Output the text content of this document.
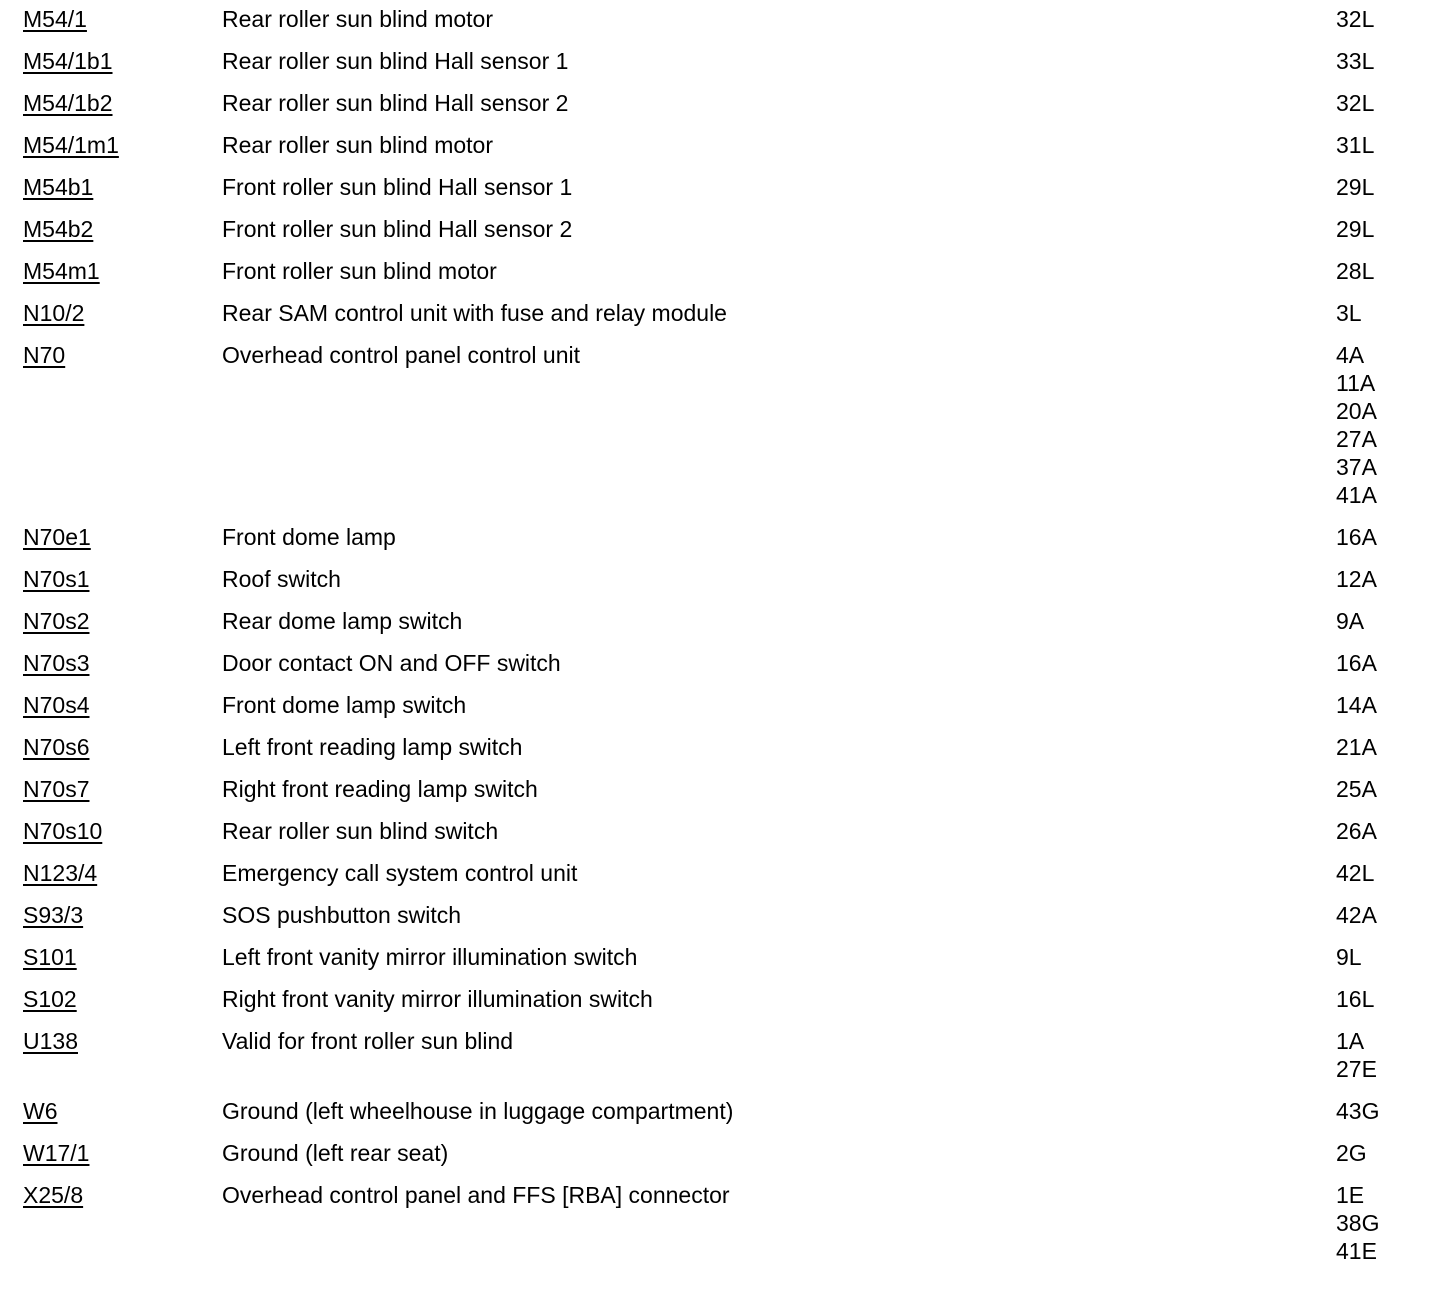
M54/1	Rear roller sun blind motor	32L
M54/1b1	Rear roller sun blind Hall sensor 1	33L
M54/1b2	Rear roller sun blind Hall sensor 2	32L
M54/1m1	Rear roller sun blind motor	31L
M54b1	Front roller sun blind Hall sensor 1	29L
M54b2	Front roller sun blind Hall sensor 2	29L
M54m1	Front roller sun blind motor	28L
N10/2	Rear SAM control unit with fuse and relay module	3L
N70	Overhead control panel control unit	4A
11A
20A
27A
37A
41A
N70e1	Front dome lamp	16A
N70s1	Roof switch	12A
N70s2	Rear dome lamp switch	9A
N70s3	Door contact ON and OFF switch	16A
N70s4	Front dome lamp switch	14A
N70s6	Left front reading lamp switch	21A
N70s7	Right front reading lamp switch	25A
N70s10	Rear roller sun blind switch	26A
N123/4	Emergency call system control unit	42L
S93/3	SOS pushbutton switch	42A
S101	Left front vanity mirror illumination switch	9L
S102	Right front vanity mirror illumination switch	16L
U138	Valid for front roller sun blind	1A
27E
W6	Ground (left wheelhouse in luggage compartment)	43G
W17/1	Ground (left rear seat)	2G
X25/8	Overhead control panel and FFS [RBA] connector	1E
38G
41E
